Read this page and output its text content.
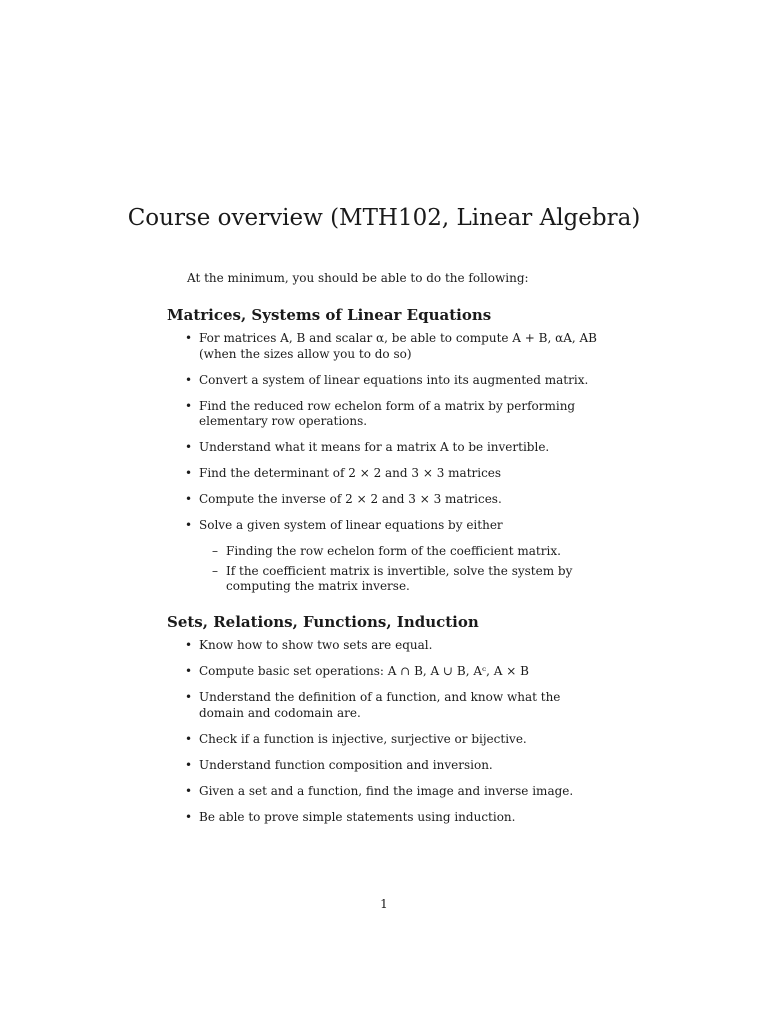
Course overview (MTH102, Linear Algebra)

At the minimum, you should be able to do the following:

Matrices, Systems of Linear Equations
• For matrices A, B and scalar α, be able to compute A + B, αA, AB (when the sizes allow you to do so)
• Convert a system of linear equations into its augmented matrix.
• Find the reduced row echelon form of a matrix by performing elementary row operations.
• Understand what it means for a matrix A to be invertible.
• Find the determinant of 2 × 2 and 3 × 3 matrices
• Compute the inverse of 2 × 2 and 3 × 3 matrices.
• Solve a given system of linear equations by either
– Finding the row echelon form of the coefficient matrix.
– If the coefficient matrix is invertible, solve the system by computing the matrix inverse.
Sets, Relations, Functions, Induction
• Know how to show two sets are equal.
• Compute basic set operations: A ∩ B, A ∪ B, Aᶜ, A × B
• Understand the definition of a function, and know what the domain and codomain are.
• Check if a function is injective, surjective or bijective.
• Understand function composition and inversion.
• Given a set and a function, find the image and inverse image.
• Be able to prove simple statements using induction.

1
